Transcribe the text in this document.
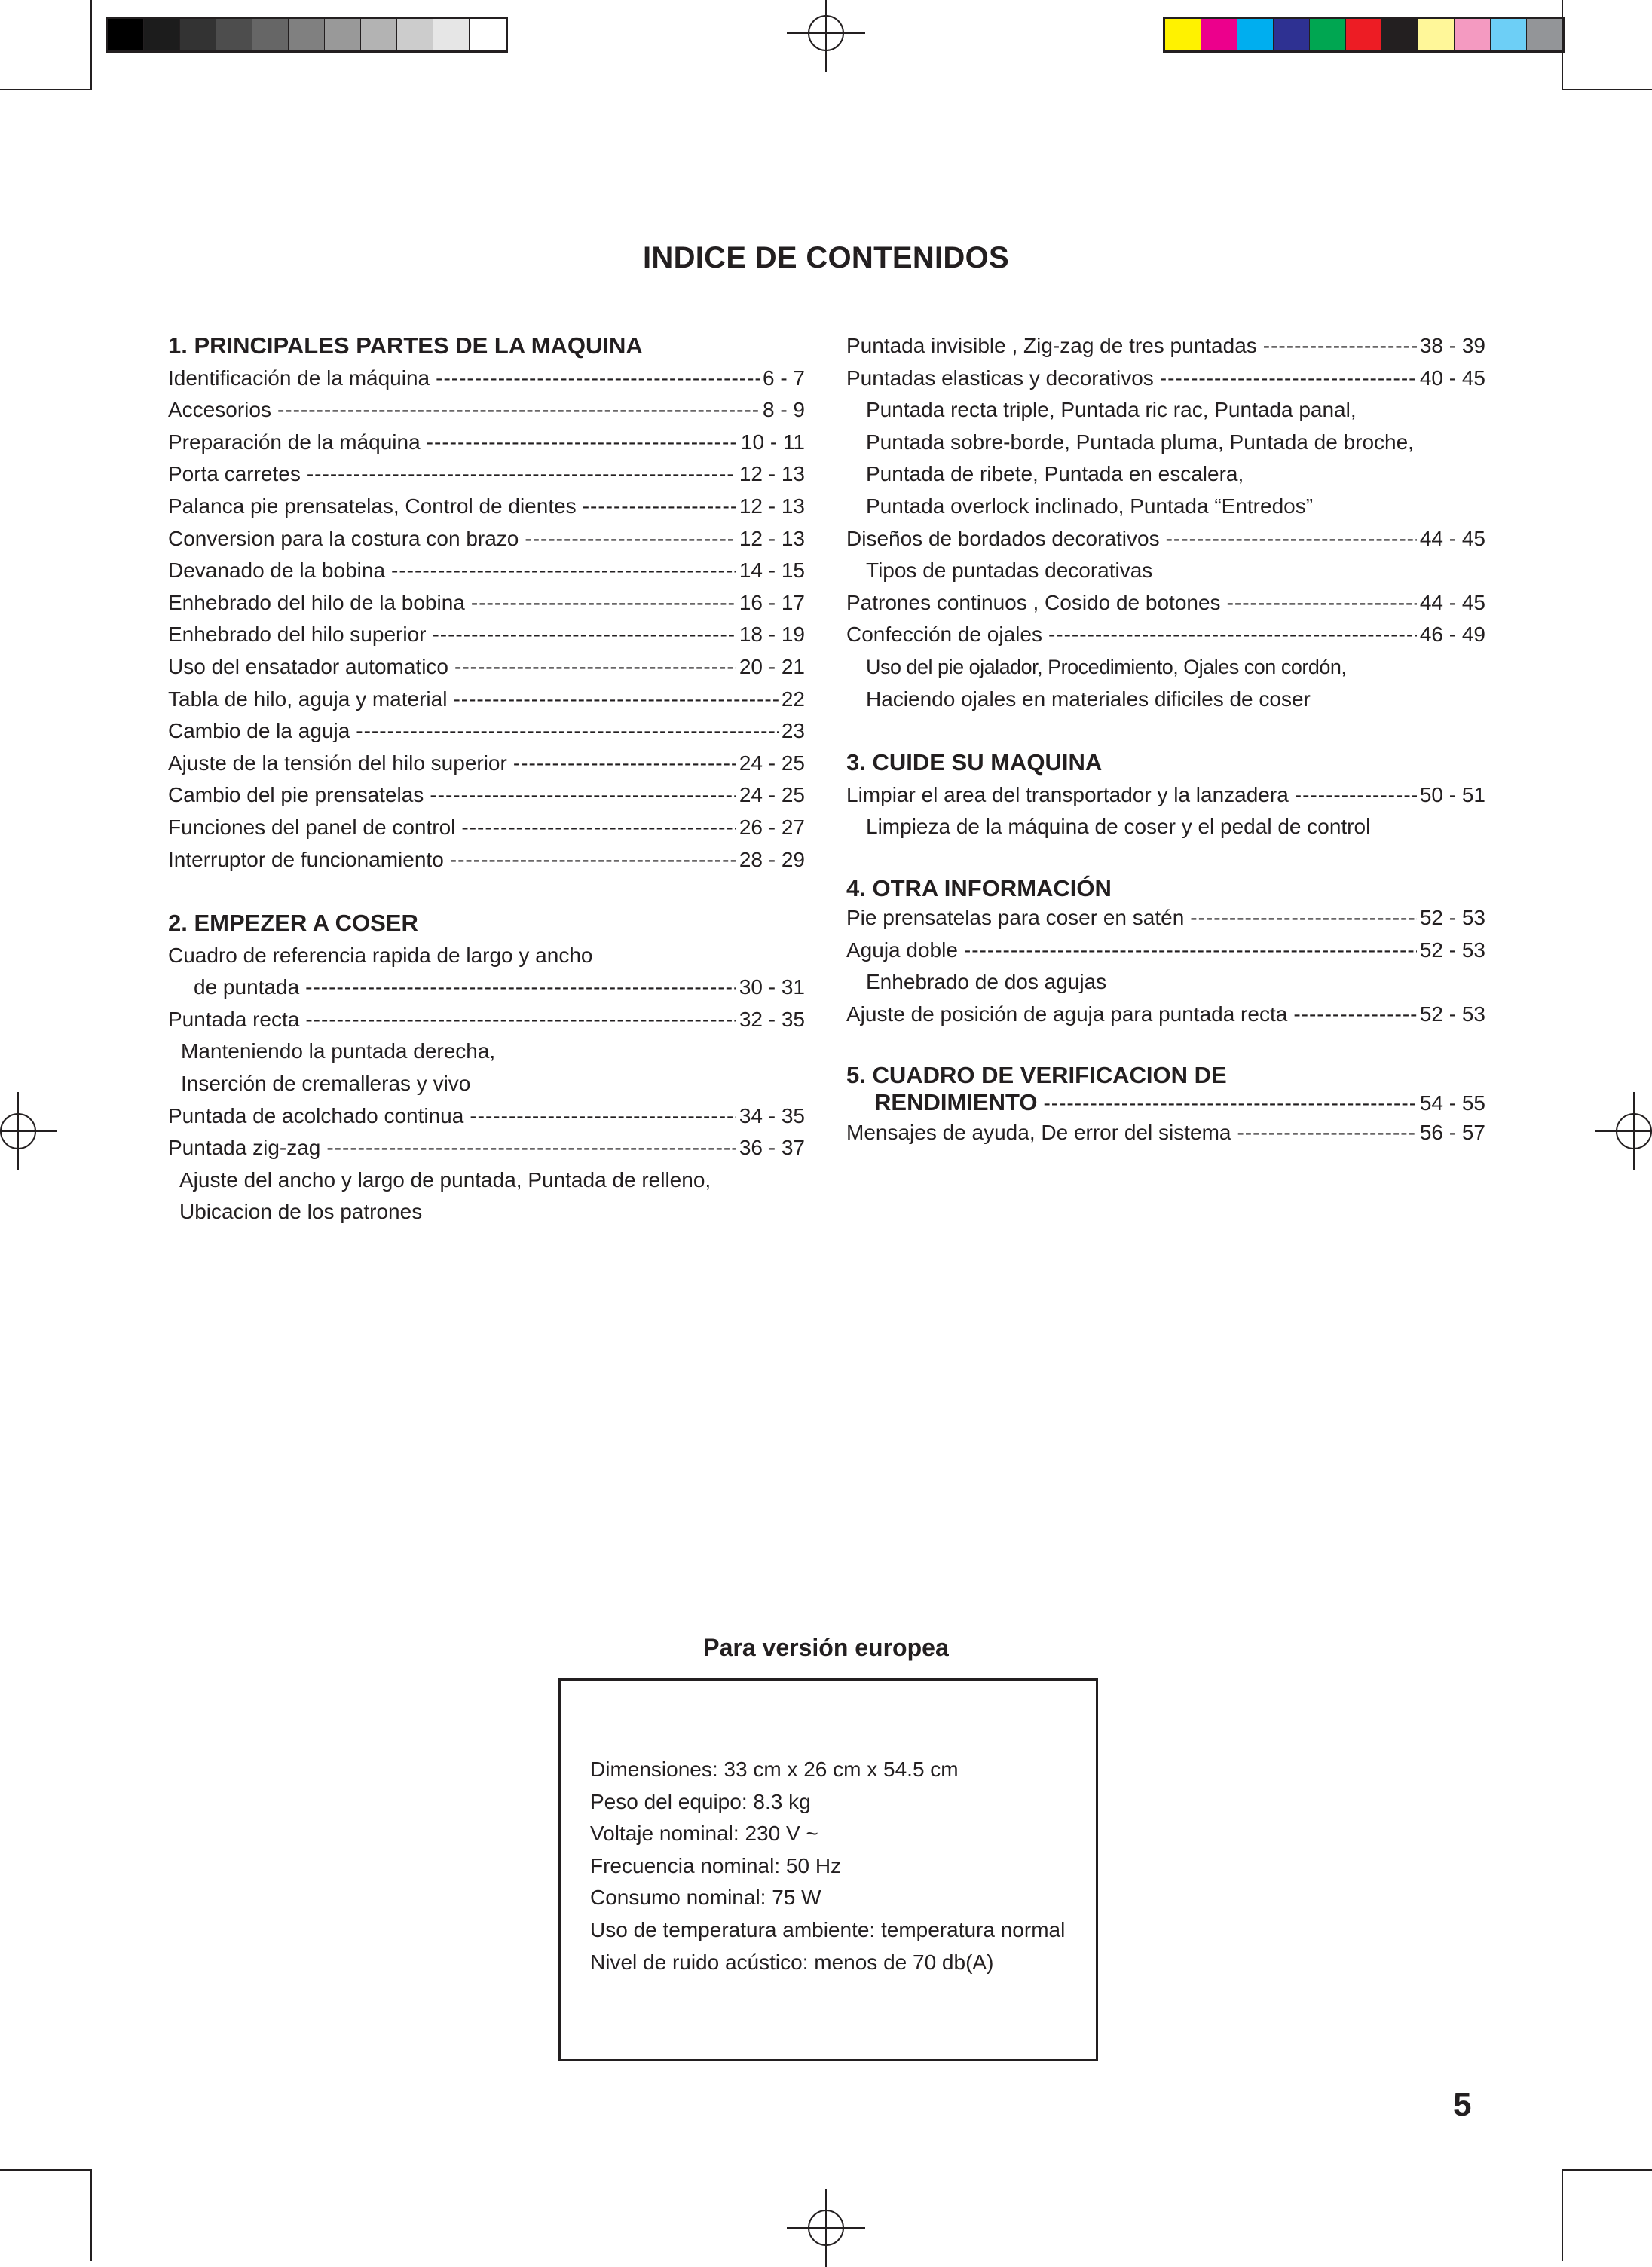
INDICE DE CONTENIDOS
1. PRINCIPALES PARTES DE LA MAQUINA
Identificación de la máquina -----	6 - 7
Accesorios -----	8 - 9
Preparación de la máquina -----	10 - 11
Porta carretes -----	12 - 13
Palanca pie prensatelas, Control de dientes -----	12 - 13
Conversion para la costura con brazo -----	12 - 13
Devanado de la bobina -----	14 - 15
Enhebrado del hilo de la bobina -----	16 - 17
Enhebrado del hilo superior -----	18 - 19
Uso del ensatador automatico -----	20 - 21
Tabla de hilo, aguja y material -----	22
Cambio de la aguja -----	23
Ajuste de la tensión del hilo superior -----	24 - 25
Cambio del pie prensatelas -----	24 - 25
Funciones del panel de control -----	26 - 27
Interruptor de funcionamiento -----	28 - 29
2. EMPEZER A COSER
Cuadro de referencia rapida de largo y ancho
de puntada -----	30 - 31
Puntada recta -----	32 - 35
Manteniendo la puntada derecha,
Inserción de cremalleras y vivo
Puntada de acolchado continua -----	34 - 35
Puntada zig-zag -----	36 - 37
Ajuste del ancho y largo de puntada, Puntada de relleno,
Ubicacion de los patrones
Puntada invisible , Zig-zag de tres puntadas -----	38 - 39
Puntadas elasticas y decorativos -----	40 - 45
Puntada recta triple, Puntada ric rac, Puntada panal,
Puntada sobre-borde, Puntada pluma, Puntada de broche,
Puntada de ribete, Puntada en escalera,
Puntada overlock inclinado, Puntada “Entredos”
Diseños de bordados decorativos -----	44 - 45
Tipos de puntadas decorativas
Patrones continuos , Cosido de botones -----	44 - 45
Confección de ojales -----	46 - 49
Uso del pie ojalador, Procedimiento, Ojales con cordón,
Haciendo ojales en materiales dificiles de coser
3. CUIDE SU MAQUINA
Limpiar el area del transportador y la lanzadera -----	50 - 51
Limpieza de la máquina de coser y el pedal de control
4. OTRA INFORMACIÓN
Pie prensatelas para coser en satén -----	52 - 53
Aguja doble -----	52 - 53
Enhebrado de dos agujas
Ajuste de posición de aguja para puntada recta -----	52 - 53
5. CUADRO DE VERIFICACION DE
RENDIMIENTO -----	54 - 55
Mensajes de ayuda, De error del sistema -----	56 - 57
Para versión europea
Dimensiones: 33 cm x 26 cm x 54.5 cm
Peso del equipo: 8.3 kg
Voltaje nominal: 230 V ~
Frecuencia nominal: 50 Hz
Consumo nominal: 75 W
Uso de temperatura ambiente: temperatura normal
Nivel de ruido acústico: menos de 70 db(A)
5
